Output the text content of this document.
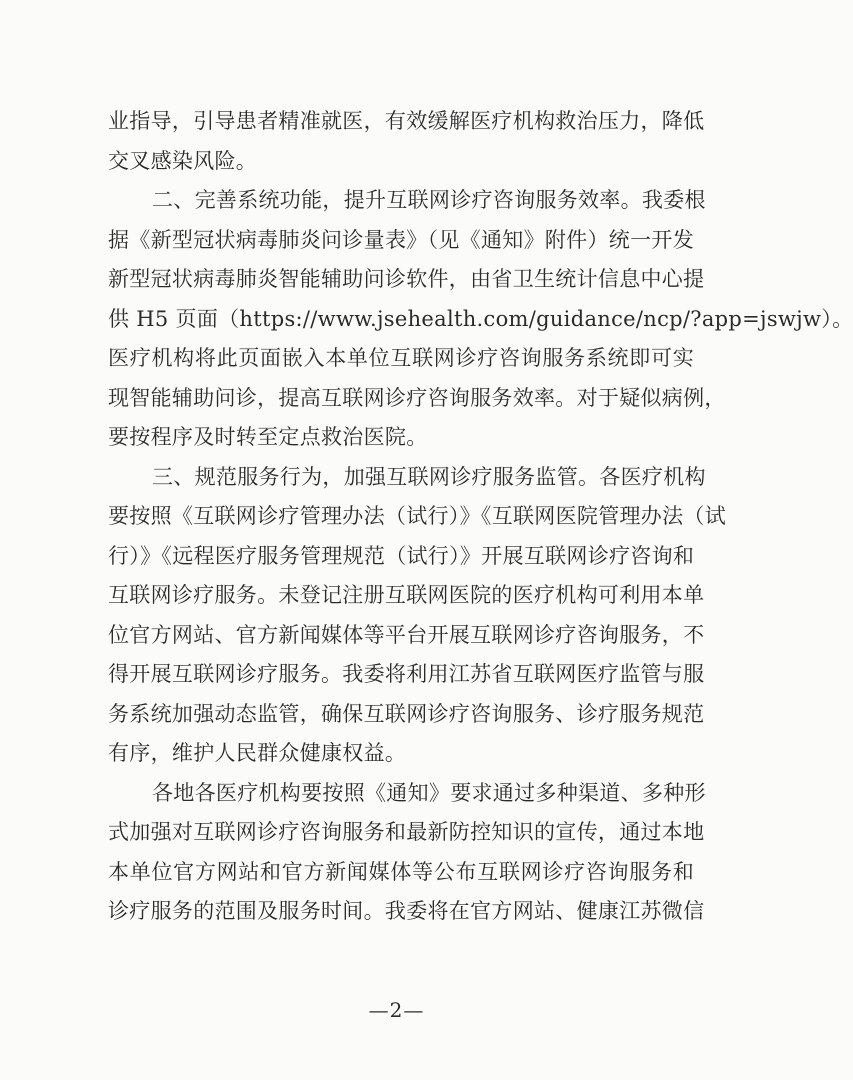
业指导，引导患者精准就医，有效缓解医疗机构救治压力，降低
交叉感染风险。
二、完善系统功能，提升互联网诊疗咨询服务效率。我委根
据《新型冠状病毒肺炎问诊量表》（见《通知》附件）统一开发
新型冠状病毒肺炎智能辅助问诊软件，由省卫生统计信息中心提
供 H5 页面（https://www.jsehealth.com/guidance/ncp/?app=jswjw）。
医疗机构将此页面嵌入本单位互联网诊疗咨询服务系统即可实
现智能辅助问诊，提高互联网诊疗咨询服务效率。对于疑似病例，
要按程序及时转至定点救治医院。
三、规范服务行为，加强互联网诊疗服务监管。各医疗机构
要按照《互联网诊疗管理办法（试行）》《互联网医院管理办法（试
行）》《远程医疗服务管理规范（试行）》开展互联网诊疗咨询和
互联网诊疗服务。未登记注册互联网医院的医疗机构可利用本单
位官方网站、官方新闻媒体等平台开展互联网诊疗咨询服务，不
得开展互联网诊疗服务。我委将利用江苏省互联网医疗监管与服
务系统加强动态监管，确保互联网诊疗咨询服务、诊疗服务规范
有序，维护人民群众健康权益。
各地各医疗机构要按照《通知》要求通过多种渠道、多种形
式加强对互联网诊疗咨询服务和最新防控知识的宣传，通过本地
本单位官方网站和官方新闻媒体等公布互联网诊疗咨询服务和
诊疗服务的范围及服务时间。我委将在官方网站、健康江苏微信
—2—
